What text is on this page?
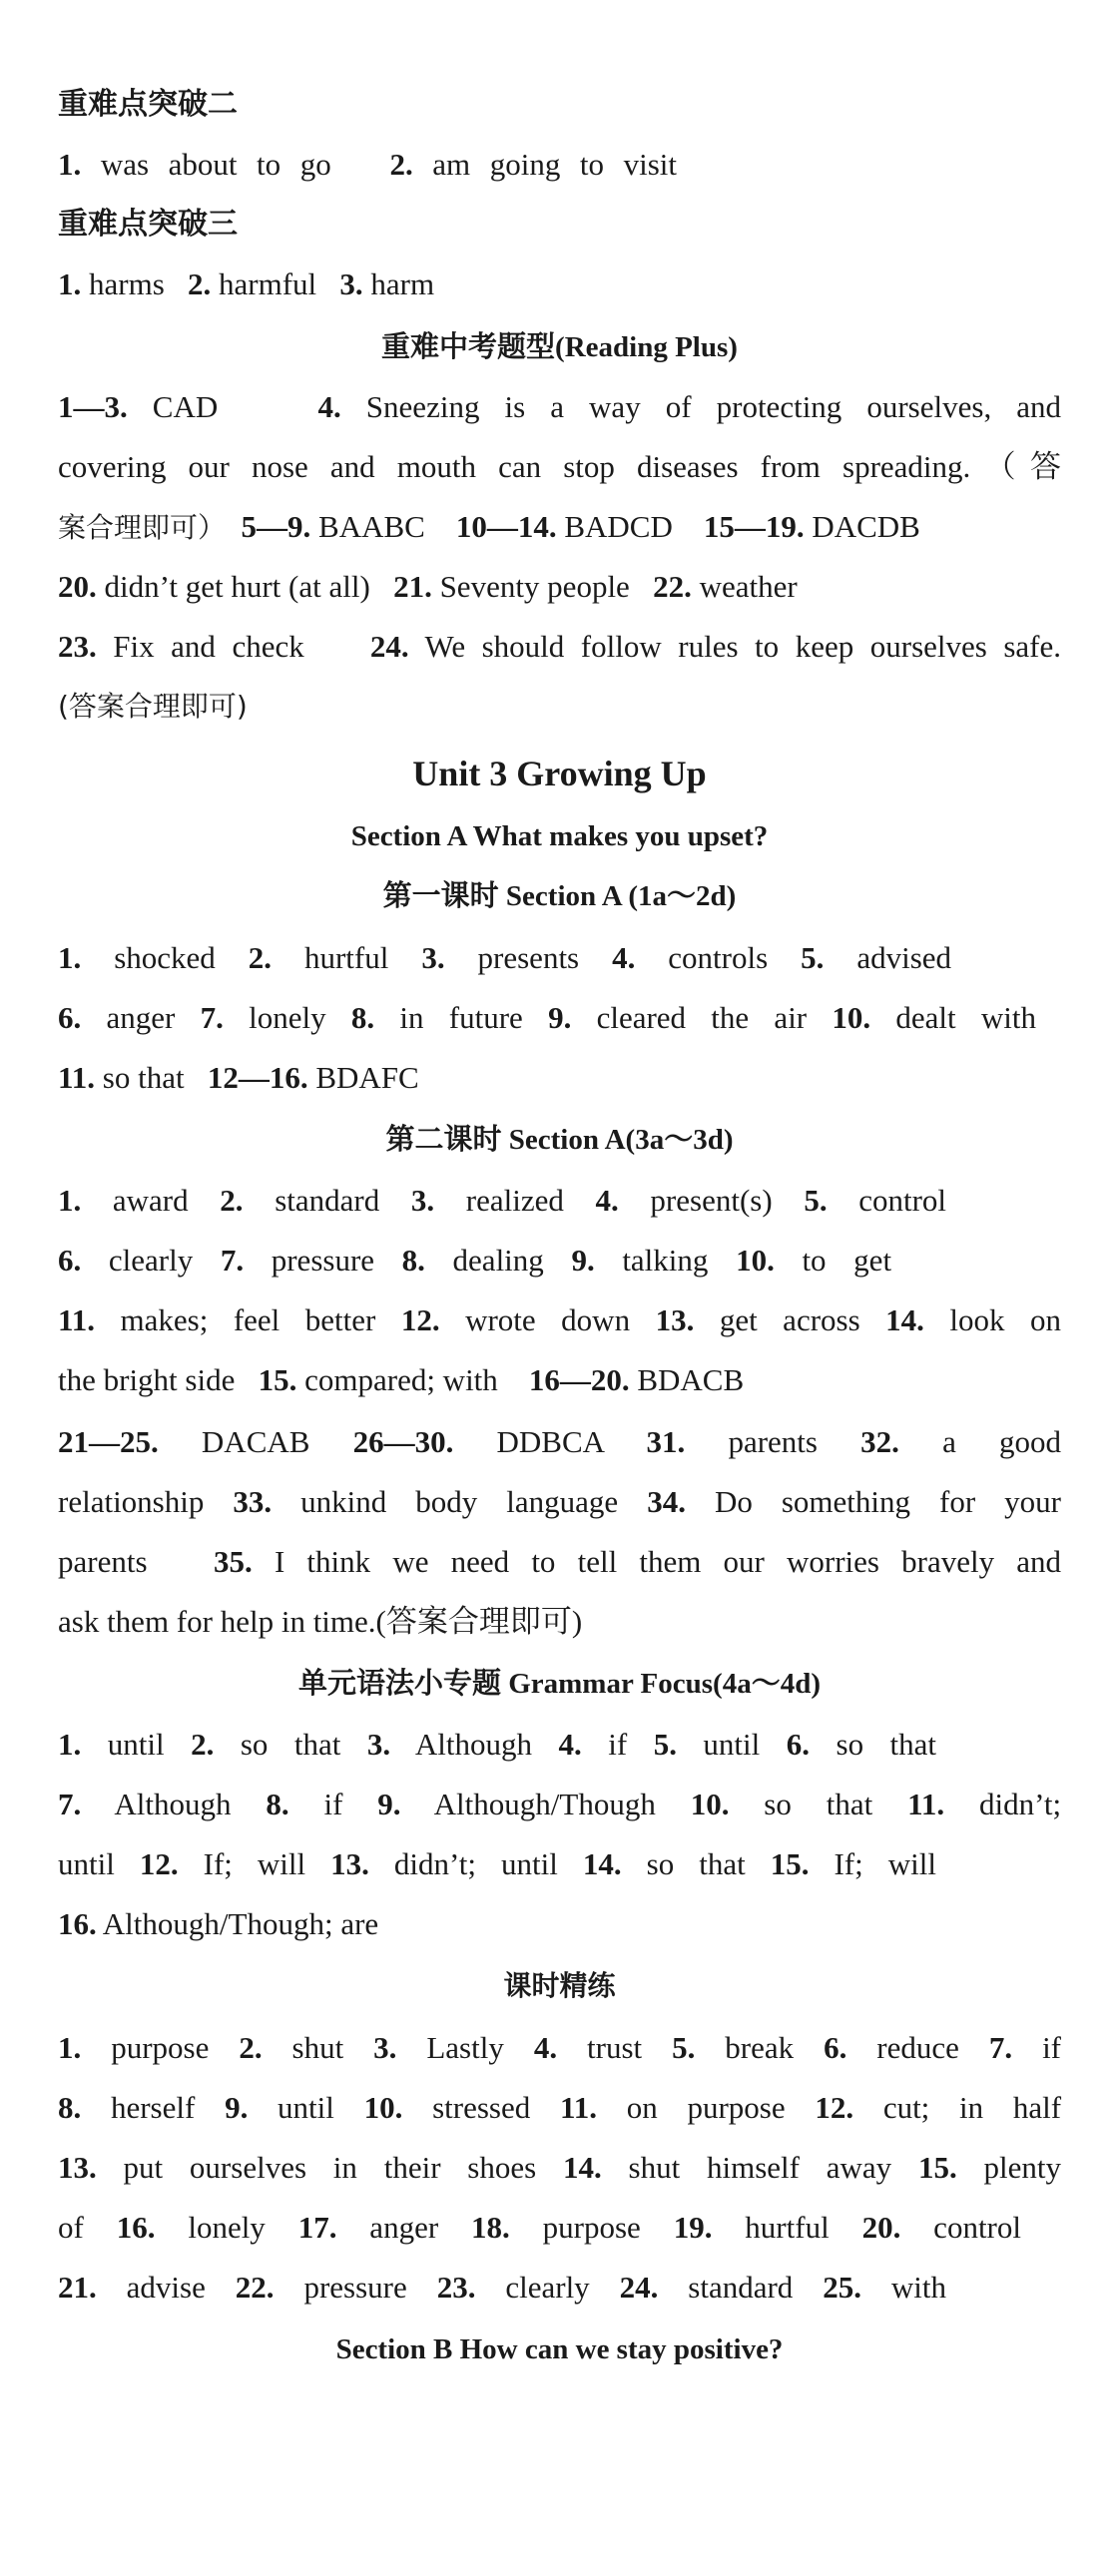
重难点突破二
1. was about to go 2. am going to visit
重难点突破三
1. harms 2. harmful 3. harm
重难中考题型(Reading Plus)
1—3. CAD	4. Sneezing is a way of protecting ourselves, and
covering our nose and mouth can stop diseases from spreading.（答
案合理即可） 5—9. BAABC 10—14. BADCD 15—19. DACDB
20. didn’t get hurt (at all) 21. Seventy people 22. weather
23. Fix and check 24. We should follow rules to keep ourselves safe.
(答案合理即可)
Unit 3 Growing Up
Section A What makes you upset?
第一课时 Section A (1a～2d)
1. shocked 2. hurtful 3. presents 4. controls 5. advised
6. anger 7. lonely 8. in future 9. cleared the air 10. dealt with
11. so that 12—16. BDAFC
第二课时 Section A(3a～3d)
1. award 2. standard 3. realized 4. present(s) 5. control
6. clearly 7. pressure 8. dealing 9. talking 10. to get
11. makes; feel better 12. wrote down 13. get across 14. look on
the bright side 15. compared; with 16—20. BDACB
21—25. DACAB 26—30. DDBCA 31. parents 32. a good
relationship 33. unkind body language 34. Do something for your
parents 35. I think we need to tell them our worries bravely and
ask them for help in time.(答案合理即可)
单元语法小专题 Grammar Focus(4a～4d)
1. until 2. so that 3. Although 4. if 5. until 6. so that
7. Although 8. if 9. Although/Though 10. so that 11. didn’t;
until 12. If; will 13. didn’t; until 14. so that 15. If; will
16. Although/Though; are
课时精练
1. purpose 2. shut 3. Lastly 4. trust 5. break 6. reduce 7. if
8. herself 9. until 10. stressed 11. on purpose 12. cut; in half
13. put ourselves in their shoes 14. shut himself away 15. plenty
of 16. lonely 17. anger 18. purpose 19. hurtful 20. control
21. advise 22. pressure 23. clearly 24. standard 25. with
Section B How can we stay positive?
